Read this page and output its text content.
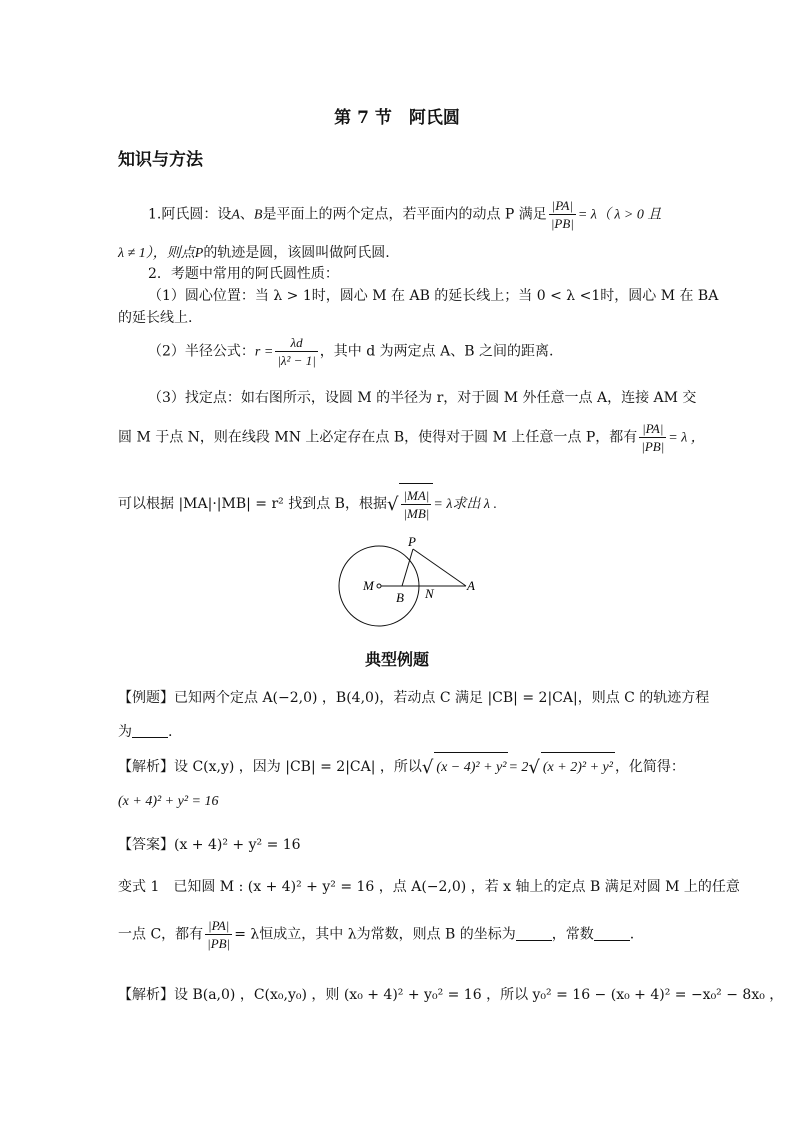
第 7 节　阿氏圆
知识与方法
1.阿氏圆：设A、B是平面上的两个定点，若平面内的动点 P 满足 $\frac{|PA|}{|PB|} = \lambda$（ λ > 0 且
λ ≠ 1），则点P的轨迹是圆，该圆叫做阿氏圆.
2．考题中常用的阿氏圆性质：
（1）圆心位置：当 λ > 1时，圆心 M 在 AB 的延长线上；当 0 < λ <1时，圆心 M 在 BA
的延长线上.
（2）半径公式：$r = \frac{\lambda d}{\text{|λ² − 1|}}$ ，其中 d 为两定点 A、B 之间的距离.
（3）找定点：如右图所示，设圆 M 的半径为 r，对于圆 M 外任意一点 A，连接 AM 交
圆 M 于点 N，则在线段 MN 上必定存在点 B，使得对于圆 M 上任意一点 P，都有 $\frac{|PA|}{|PB|} = \lambda$ ，
可以根据 |MA|·|MB| = r² 找到点 B，根据√ $\frac{|MA|}{|MB|} = \lambda$求出 λ .
P
M
B N
A
典型例题
【例题】已知两个定点 A(−2,0) ，B(4,0)，若动点 C 满足 |CB| = 2|CA|，则点 C 的轨迹方程
为	.
【解析】设 C(x,y) ，因为 |CB| = 2|CA| ，所以√ (x − 4)² + y² = 2√ (x + 2)² + y² ，化简得：
(x + 4)² + y² = 16
【答案】(x + 4)² + y² = 16
变式 1　已知圆 M : (x + 4)² + y² = 16 ，点 A(−2,0) ，若 x 轴上的定点 B 满足对圆 M 上的任意
一点 C，都有 $\frac{|PA|}{|PB|} = \lambda$恒成立，其中 λ为常数，则点 B 的坐标为	，常数	.
【解析】设 B(a,0) ，C(x₀,y₀) ，则 (x₀ + 4)² + y₀² = 16 ，所以 y₀² = 16 − (x₀ + 4)² = −x₀² − 8x₀ ，
